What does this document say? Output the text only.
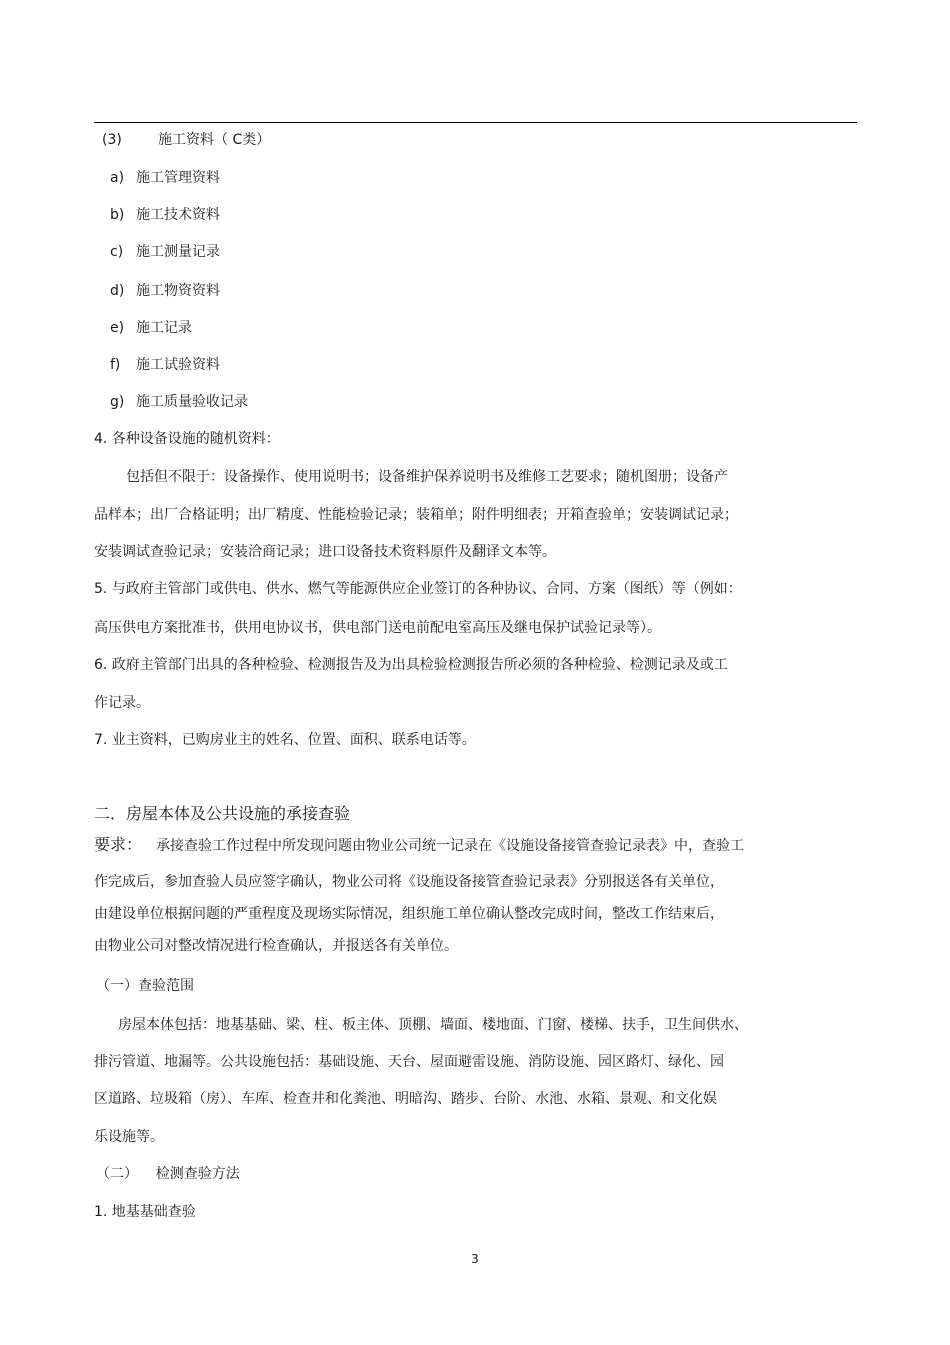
(3)	施工资料（ C类）
a) 施工管理资料
b) 施工技术资料
c) 施工测量记录
d) 施工物资资料
e) 施工记录
f) 施工试验资料
g) 施工质量验收记录
4. 各种设备设施的随机资料：
包括但不限于：设备操作、使用说明书；设备维护保养说明书及维修工艺要求；随机图册；设备产
品样本；出厂合格证明；出厂精度、性能检验记录；装箱单；附件明细表；开箱查验单；安装调试记录；
安装调试查验记录；安装洽商记录；进口设备技术资料原件及翻译文本等。
5. 与政府主管部门或供电、供水、燃气等能源供应企业签订的各种协议、合同、方案（图纸）等（例如：
高压供电方案批准书，供用电协议书，供电部门送电前配电室高压及继电保护试验记录等）。
6. 政府主管部门出具的各种检验、检测报告及为出具检验检测报告所必须的各种检验、检测记录及或工
作记录。
7. 业主资料，已购房业主的姓名、位置、面积、联系电话等。
二．房屋本体及公共设施的承接查验
要求： 承接查验工作过程中所发现问题由物业公司统一记录在《设施设备接管查验记录表》中，查验工
作完成后，参加查验人员应签字确认，物业公司将《设施设备接管查验记录表》分别报送各有关单位，
由建设单位根据问题的严重程度及现场实际情况，组织施工单位确认整改完成时间，整改工作结束后，
由物业公司对整改情况进行检查确认，并报送各有关单位。
（一）查验范围
房屋本体包括：地基基础、梁、柱、板主体、顶棚、墙面、楼地面、门窗、楼梯、扶手，卫生间供水、
排污管道、地漏等。公共设施包括：基础设施、天台、屋面避雷设施、消防设施、园区路灯、绿化、园
区道路、垃圾箱（房）、车库、检查井和化粪池、明暗沟、踏步、台阶、水池、水箱、景观、和文化娱
乐设施等。
（二）    检测查验方法
1. 地基基础查验
3
